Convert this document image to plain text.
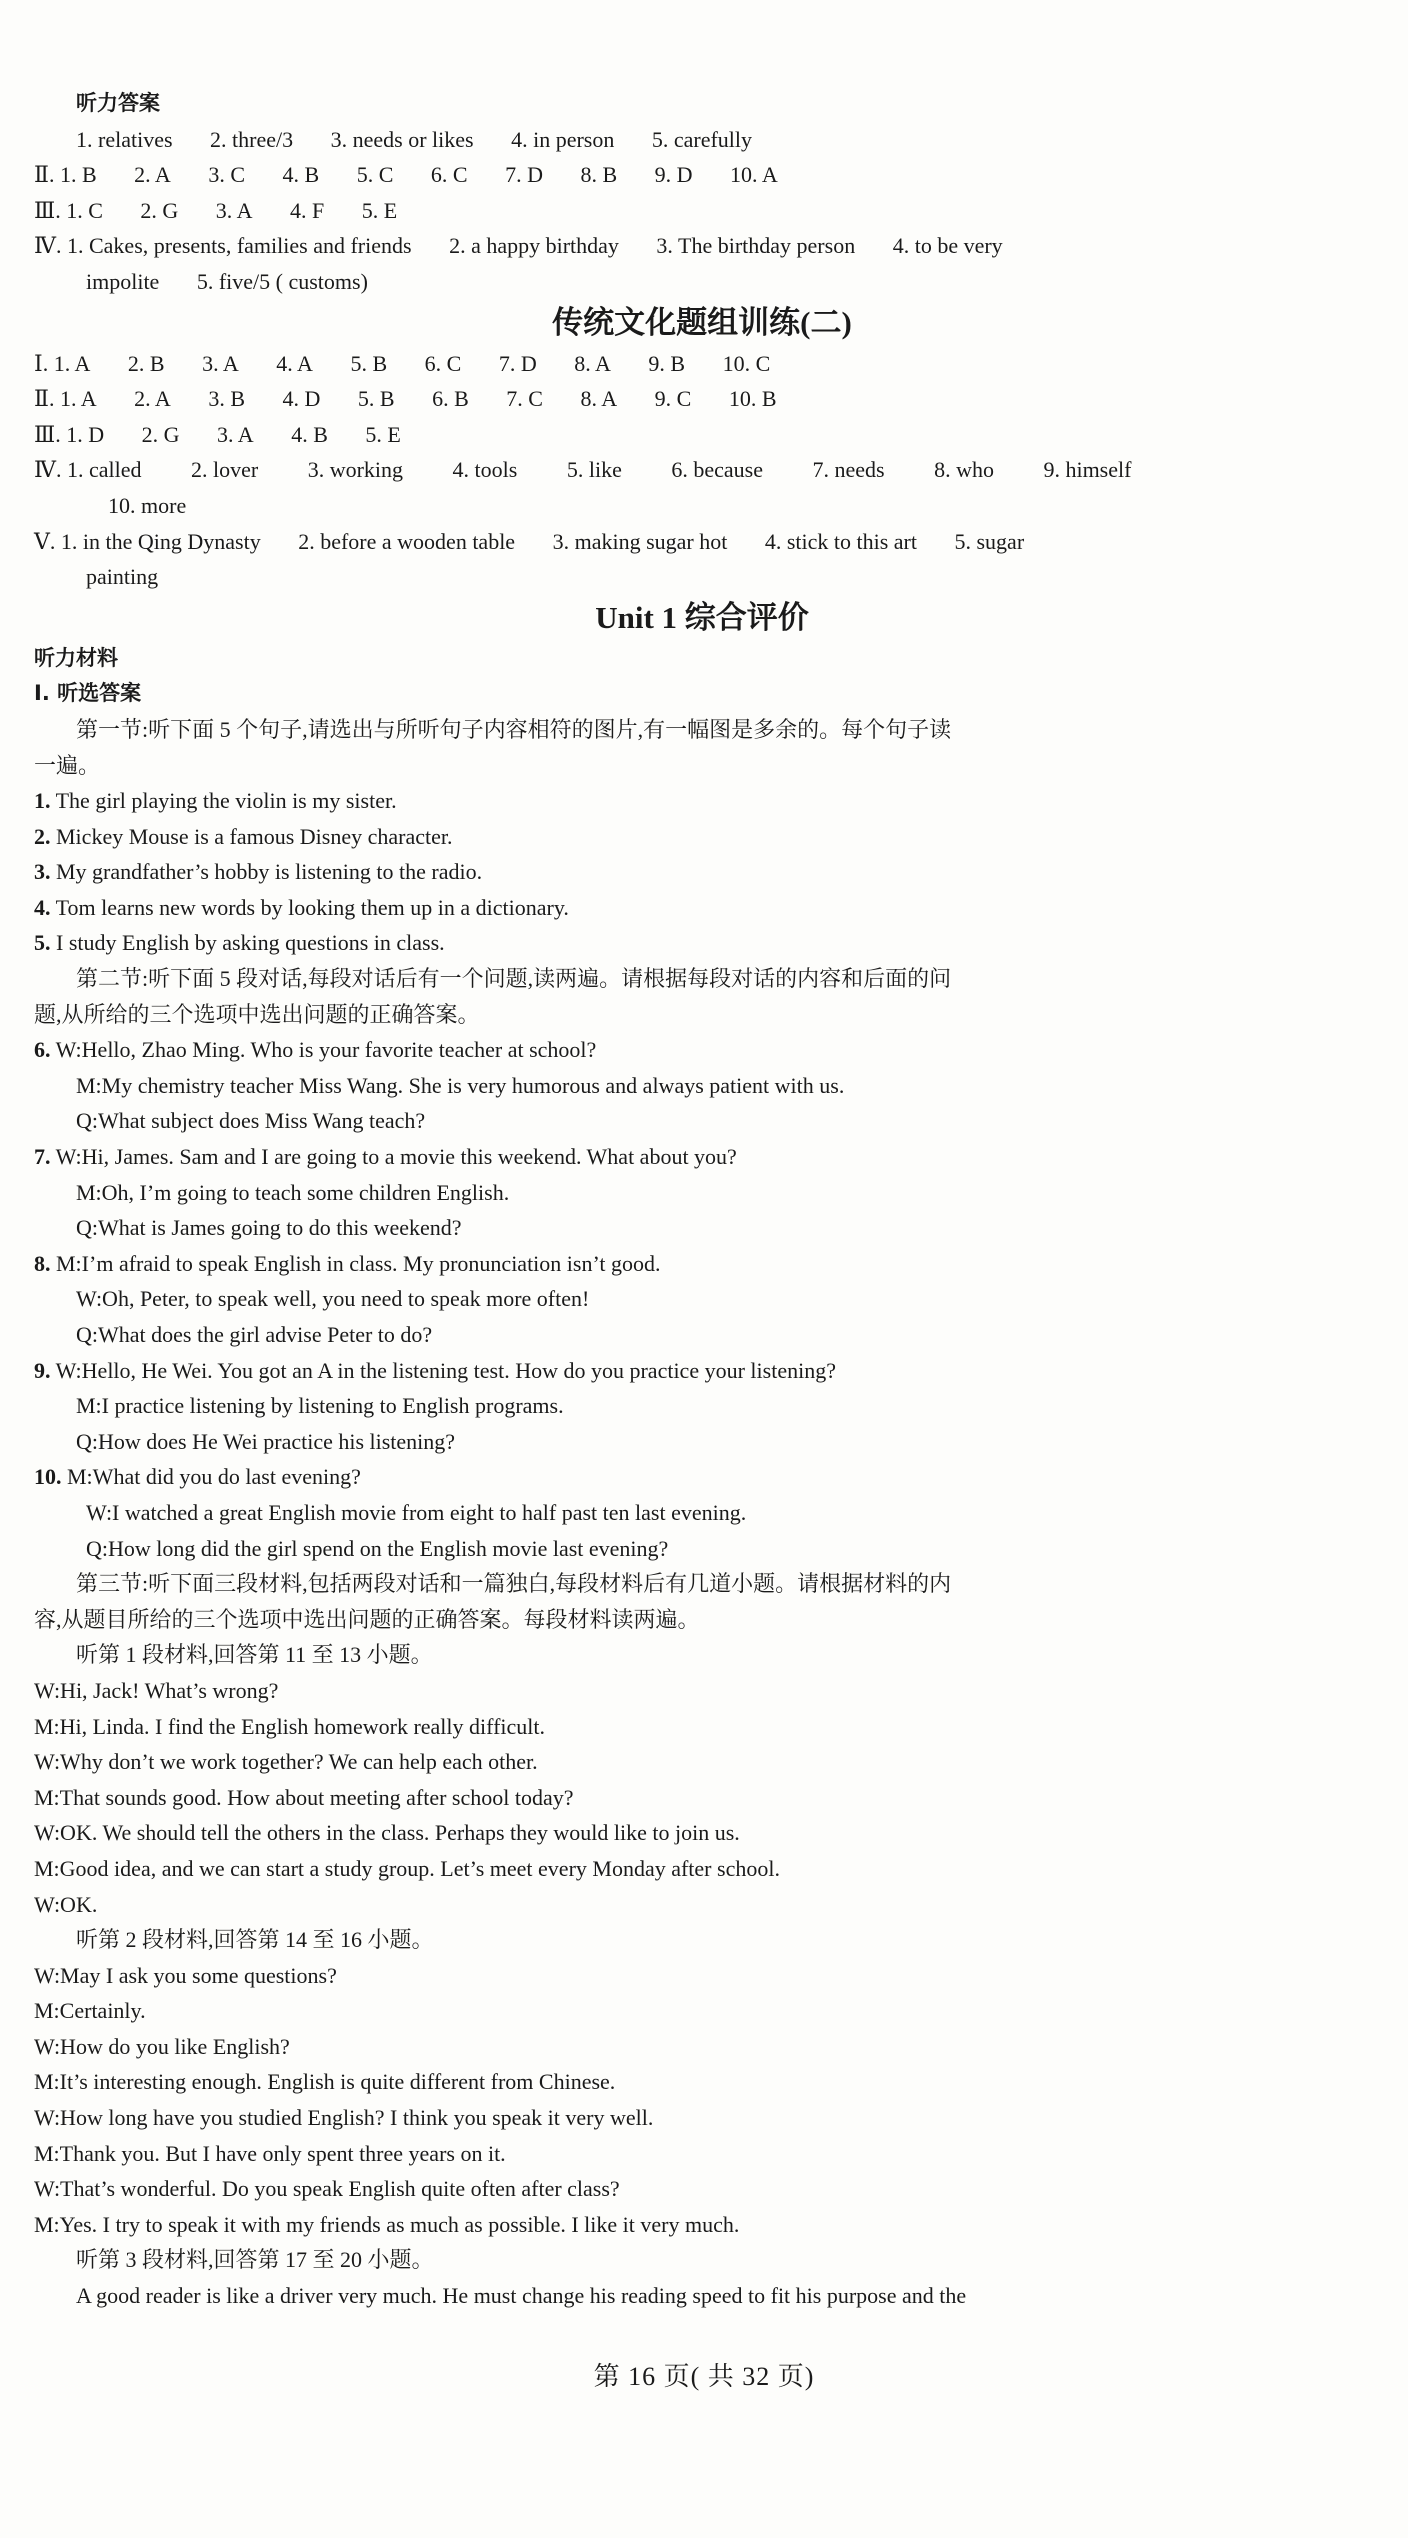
听力答案
1. relatives 2. three/3 3. needs or likes 4. in person 5. carefully
Ⅱ. 1. B 2. A 3. C 4. B 5. C 6. C 7. D 8. B 9. D 10. A
Ⅲ. 1. C 2. G 3. A 4. F 5. E
Ⅳ. 1. Cakes, presents, families and friends 2. a happy birthday 3. The birthday person 4. to be very
impolite 5. five/5 ( customs)
传统文化题组训练(二)
Ⅰ. 1. A 2. B 3. A 4. A 5. B 6. C 7. D 8. A 9. B 10. C
Ⅱ. 1. A 2. A 3. B 4. D 5. B 6. B 7. C 8. A 9. C 10. B
Ⅲ. 1. D 2. G 3. A 4. B 5. E
Ⅳ. 1. called 2. lover 3. working 4. tools 5. like 6. because 7. needs 8. who 9. himself
10. more
Ⅴ. 1. in the Qing Dynasty 2. before a wooden table 3. making sugar hot 4. stick to this art 5. sugar
painting
Unit 1 综合评价
听力材料
Ⅰ. 听选答案
第一节:听下面 5 个句子,请选出与所听句子内容相符的图片,有一幅图是多余的。每个句子读
一遍。
1. The girl playing the violin is my sister.
2. Mickey Mouse is a famous Disney character.
3. My grandfather’s hobby is listening to the radio.
4. Tom learns new words by looking them up in a dictionary.
5. I study English by asking questions in class.
第二节:听下面 5 段对话,每段对话后有一个问题,读两遍。请根据每段对话的内容和后面的问
题,从所给的三个选项中选出问题的正确答案。
6. W:Hello, Zhao Ming. Who is your favorite teacher at school?
M:My chemistry teacher Miss Wang. She is very humorous and always patient with us.
Q:What subject does Miss Wang teach?
7. W:Hi, James. Sam and I are going to a movie this weekend. What about you?
M:Oh, I’m going to teach some children English.
Q:What is James going to do this weekend?
8. M:I’m afraid to speak English in class. My pronunciation isn’t good.
W:Oh, Peter, to speak well, you need to speak more often!
Q:What does the girl advise Peter to do?
9. W:Hello, He Wei. You got an A in the listening test. How do you practice your listening?
M:I practice listening by listening to English programs.
Q:How does He Wei practice his listening?
10. M:What did you do last evening?
W:I watched a great English movie from eight to half past ten last evening.
Q:How long did the girl spend on the English movie last evening?
第三节:听下面三段材料,包括两段对话和一篇独白,每段材料后有几道小题。请根据材料的内
容,从题目所给的三个选项中选出问题的正确答案。每段材料读两遍。
听第 1 段材料,回答第 11 至 13 小题。
W:Hi, Jack! What’s wrong?
M:Hi, Linda. I find the English homework really difficult.
W:Why don’t we work together? We can help each other.
M:That sounds good. How about meeting after school today?
W:OK. We should tell the others in the class. Perhaps they would like to join us.
M:Good idea, and we can start a study group. Let’s meet every Monday after school.
W:OK.
听第 2 段材料,回答第 14 至 16 小题。
W:May I ask you some questions?
M:Certainly.
W:How do you like English?
M:It’s interesting enough. English is quite different from Chinese.
W:How long have you studied English? I think you speak it very well.
M:Thank you. But I have only spent three years on it.
W:That’s wonderful. Do you speak English quite often after class?
M:Yes. I try to speak it with my friends as much as possible. I like it very much.
听第 3 段材料,回答第 17 至 20 小题。
A good reader is like a driver very much. He must change his reading speed to fit his purpose and the
第 16 页( 共 32 页)
